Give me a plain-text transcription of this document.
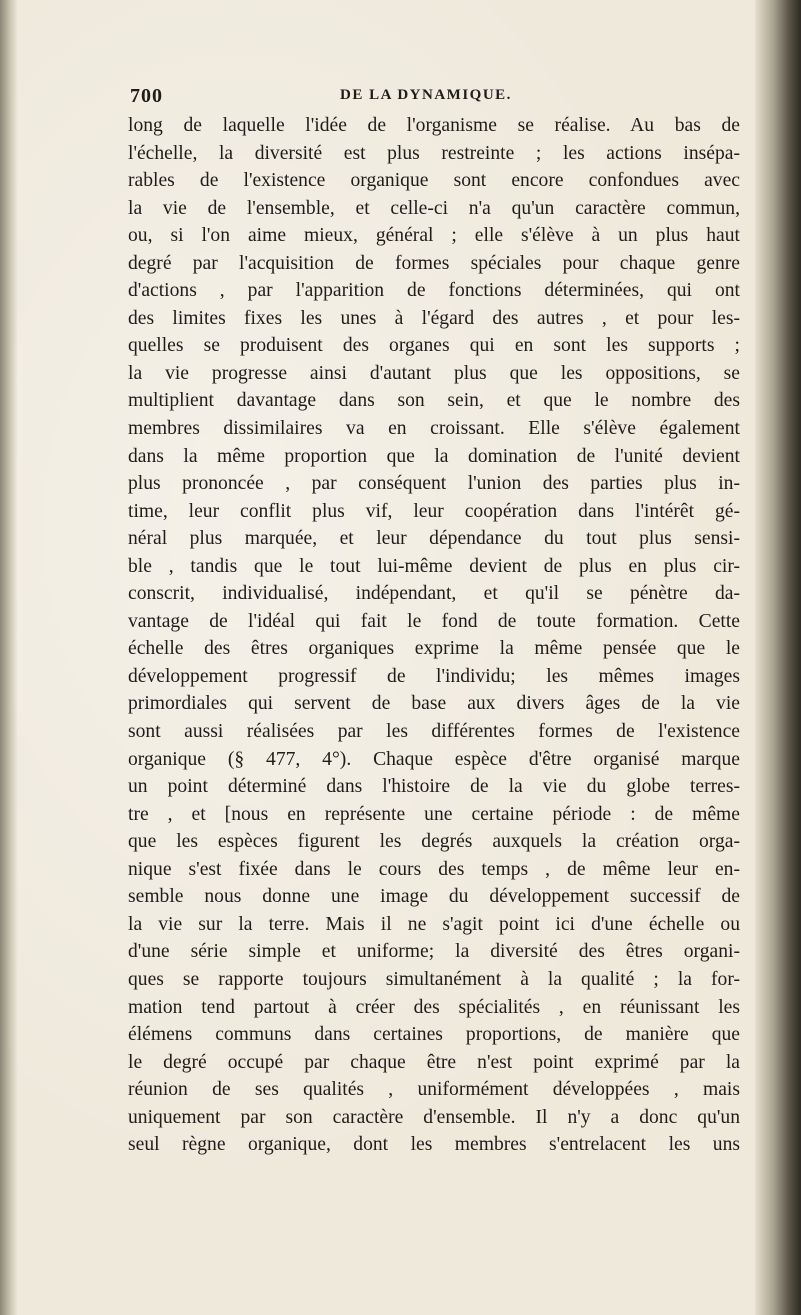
700	DE LA DYNAMIQUE.
long de laquelle l'idée de l'organisme se réalise. Au bas de
l'échelle, la diversité est plus restreinte ; les actions insépa-
rables de l'existence organique sont encore confondues avec
la vie de l'ensemble, et celle-ci n'a qu'un caractère commun,
ou, si l'on aime mieux, général ; elle s'élève à un plus haut
degré par l'acquisition de formes spéciales pour chaque genre
d'actions , par l'apparition de fonctions déterminées, qui ont
des limites fixes les unes à l'égard des autres , et pour les-
quelles se produisent des organes qui en sont les supports ;
la vie progresse ainsi d'autant plus que les oppositions, se
multiplient davantage dans son sein, et que le nombre des
membres dissimilaires va en croissant. Elle s'élève également
dans la même proportion que la domination de l'unité devient
plus prononcée , par conséquent l'union des parties plus in-
time, leur conflit plus vif, leur coopération dans l'intérêt gé-
néral plus marquée, et leur dépendance du tout plus sensi-
ble , tandis que le tout lui-même devient de plus en plus cir-
conscrit, individualisé, indépendant, et qu'il se pénètre da-
vantage de l'idéal qui fait le fond de toute formation. Cette
échelle des êtres organiques exprime la même pensée que le
développement progressif de l'individu; les mêmes images
primordiales qui servent de base aux divers âges de la vie
sont aussi réalisées par les différentes formes de l'existence
organique (§ 477, 4°). Chaque espèce d'être organisé marque
un point déterminé dans l'histoire de la vie du globe terres-
tre , et [nous en représente une certaine période : de même
que les espèces figurent les degrés auxquels la création orga-
nique s'est fixée dans le cours des temps , de même leur en-
semble nous donne une image du développement successif de
la vie sur la terre. Mais il ne s'agit point ici d'une échelle ou
d'une série simple et uniforme; la diversité des êtres organi-
ques se rapporte toujours simultanément à la qualité ; la for-
mation tend partout à créer des spécialités , en réunissant les
élémens communs dans certaines proportions, de manière que
le degré occupé par chaque être n'est point exprimé par la
réunion de ses qualités , uniformément développées , mais
uniquement par son caractère d'ensemble. Il n'y a donc qu'un
seul règne organique, dont les membres s'entrelacent les uns
